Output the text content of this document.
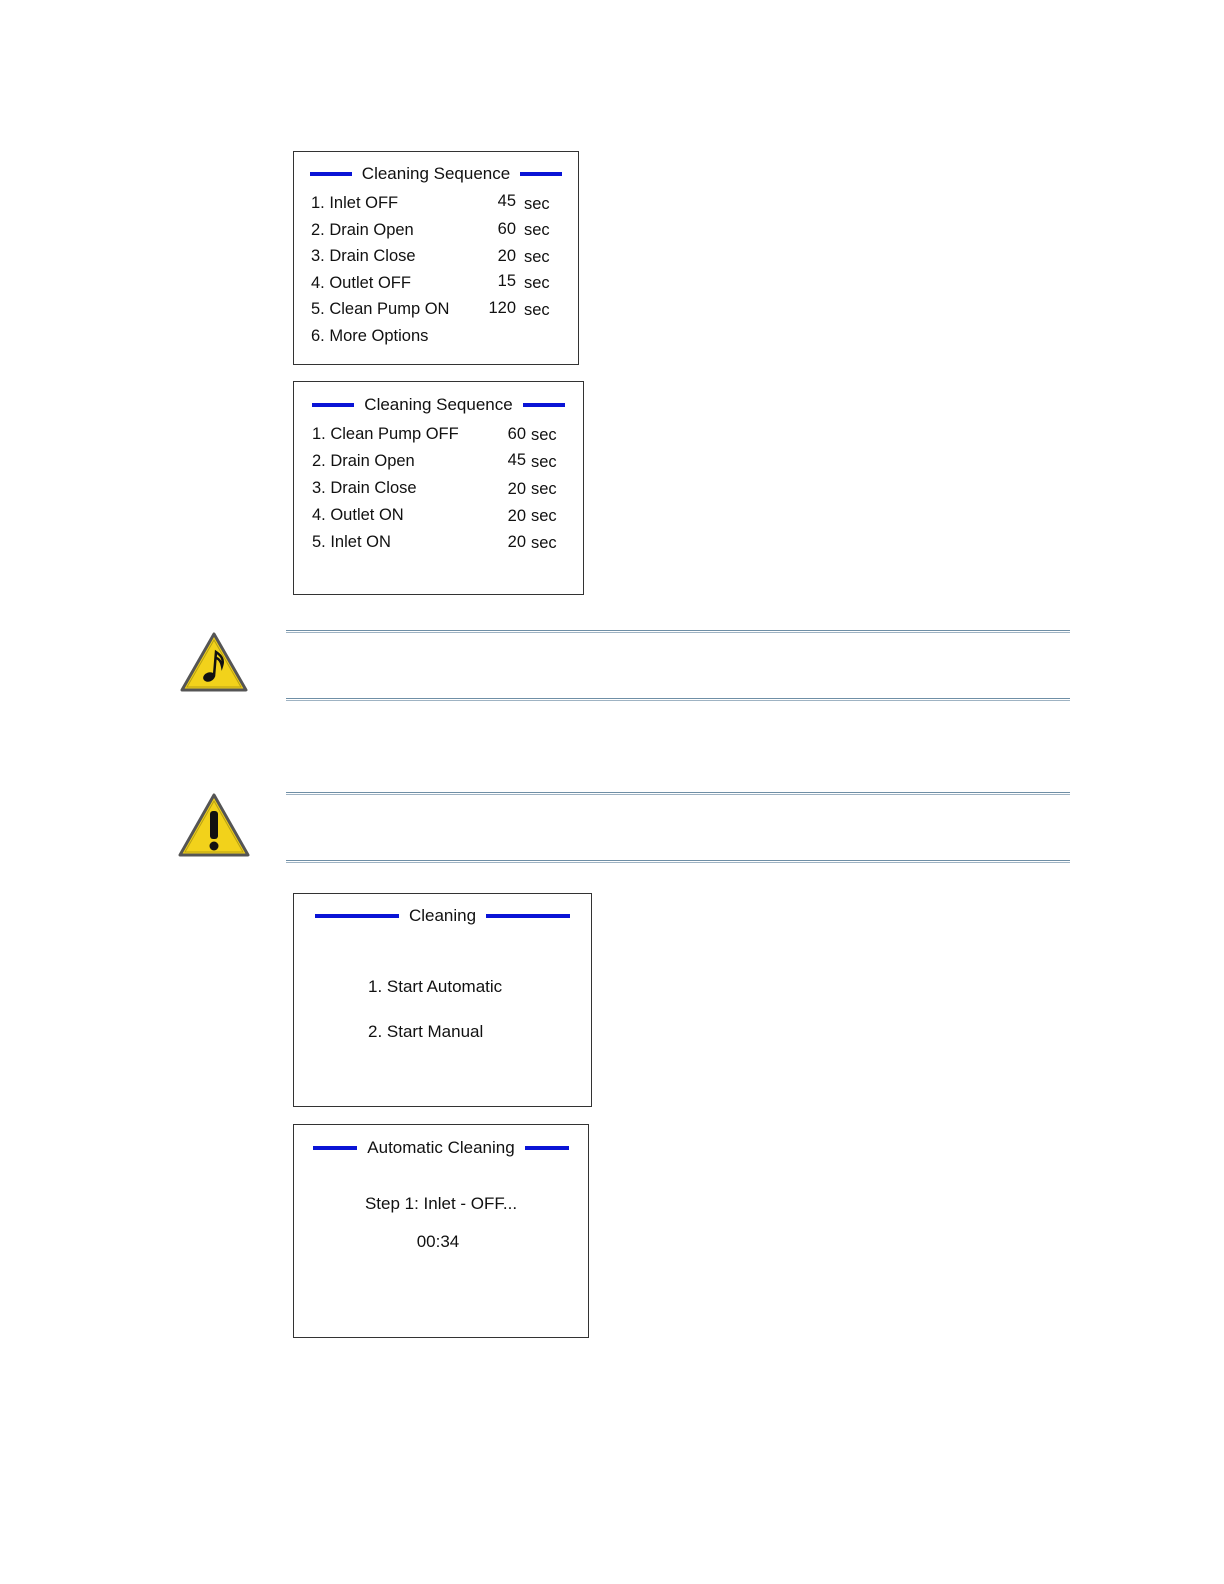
Cleaning Sequence
1. Inlet OFF	45 sec
2. Drain Open	60 sec
3. Drain Close	20 sec
4. Outlet OFF	15 sec
5. Clean Pump ON	120 sec
6. More Options
Cleaning Sequence
1. Clean Pump OFF	60 sec
2. Drain Open	45 sec
3. Drain Close	20 sec
4. Outlet ON	20 sec
5. Inlet ON	20 sec
Cleaning
1. Start Automatic
2. Start Manual
Automatic Cleaning
Step 1: Inlet - OFF...
00:34
